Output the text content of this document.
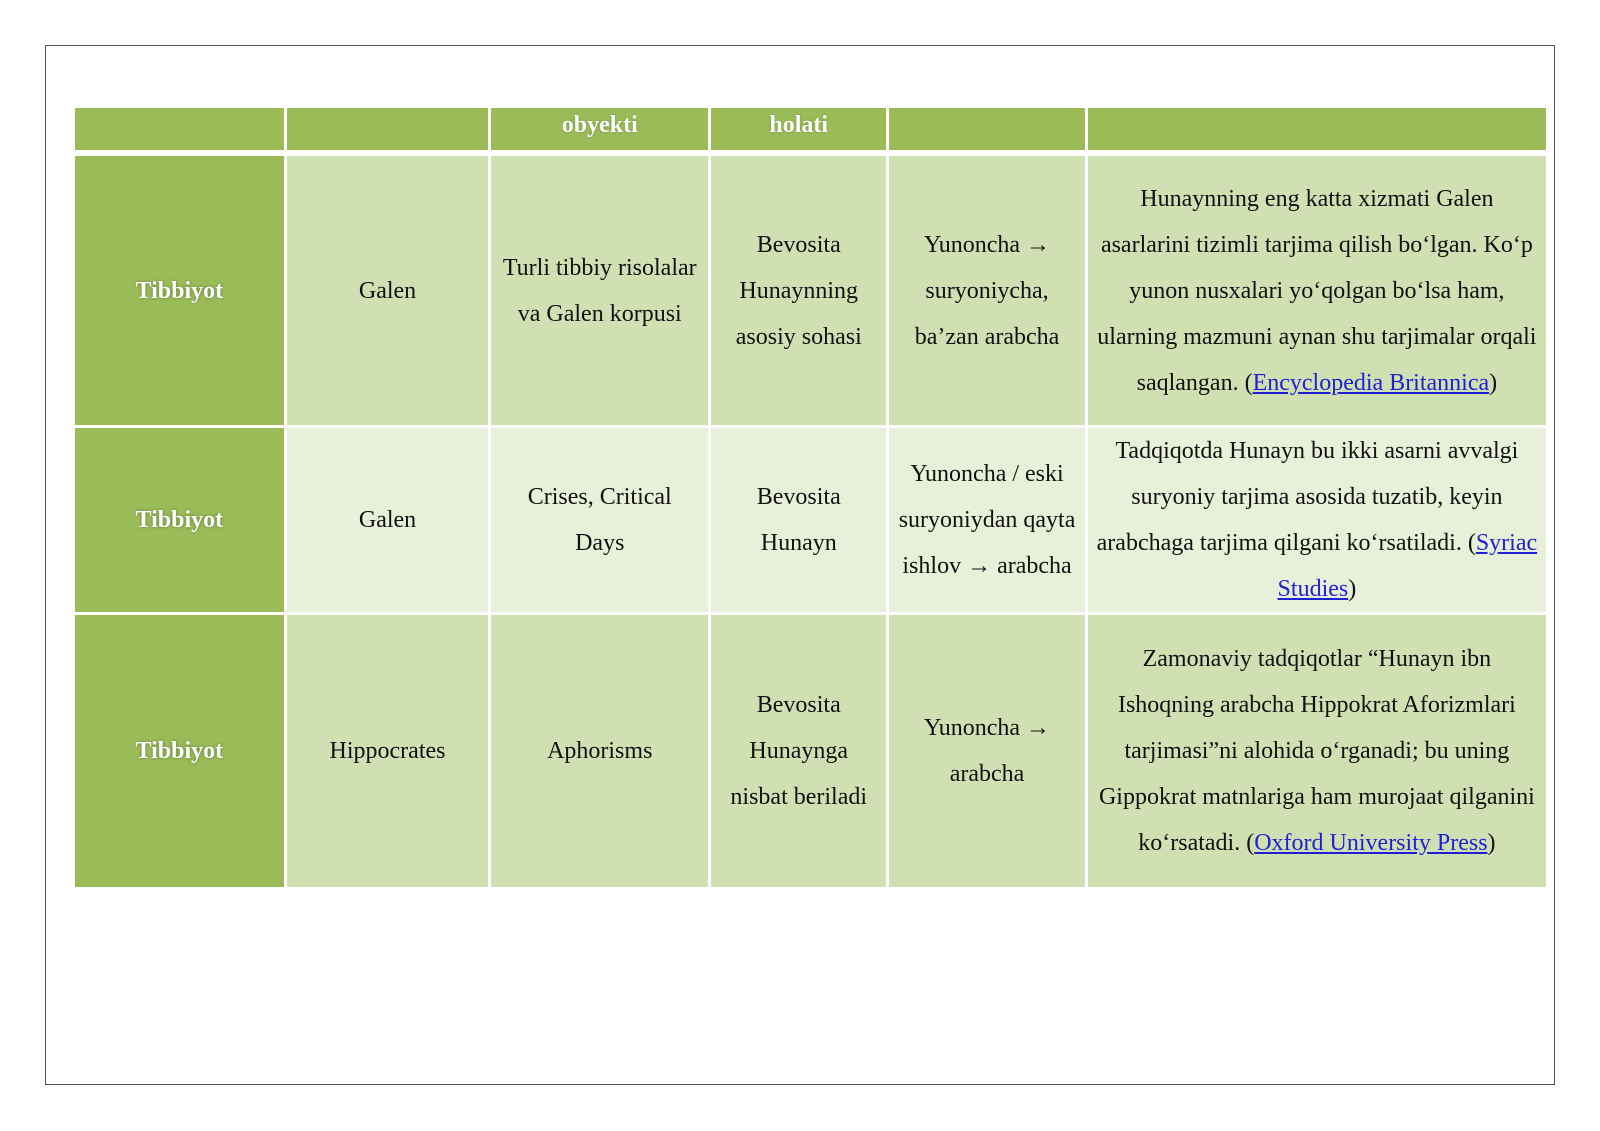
		obyekti	holati		
Tibbiyot	Galen	Turli tibbiy risolalar va Galen korpusi	Bevosita Hunaynning asosiy sohasi	Yunoncha → suryoniycha, ba’zan arabcha	Hunaynning eng katta xizmati Galen asarlarini tizimli tarjima qilish bo‘lgan. Ko‘p yunon nusxalari yo‘qolgan bo‘lsa ham, ularning mazmuni aynan shu tarjimalar orqali saqlangan. (Encyclopedia Britannica)
Tibbiyot	Galen	Crises, Critical Days	Bevosita Hunayn	Yunoncha / eski suryoniydan qayta ishlov → arabcha	Tadqiqotda Hunayn bu ikki asarni avvalgi suryoniy tarjima asosida tuzatib, keyin arabchaga tarjima qilgani ko‘rsatiladi. (Syriac Studies)
Tibbiyot	Hippocrates	Aphorisms	Bevosita Hunaynga nisbat beriladi	Yunoncha → arabcha	Zamonaviy tadqiqotlar “Hunayn ibn Ishoqning arabcha Hippokrat Aforizmlari tarjimasi”ni alohida o‘rganadi; bu uning Gippokrat matnlariga ham murojaat qilganini ko‘rsatadi. (Oxford University Press)
